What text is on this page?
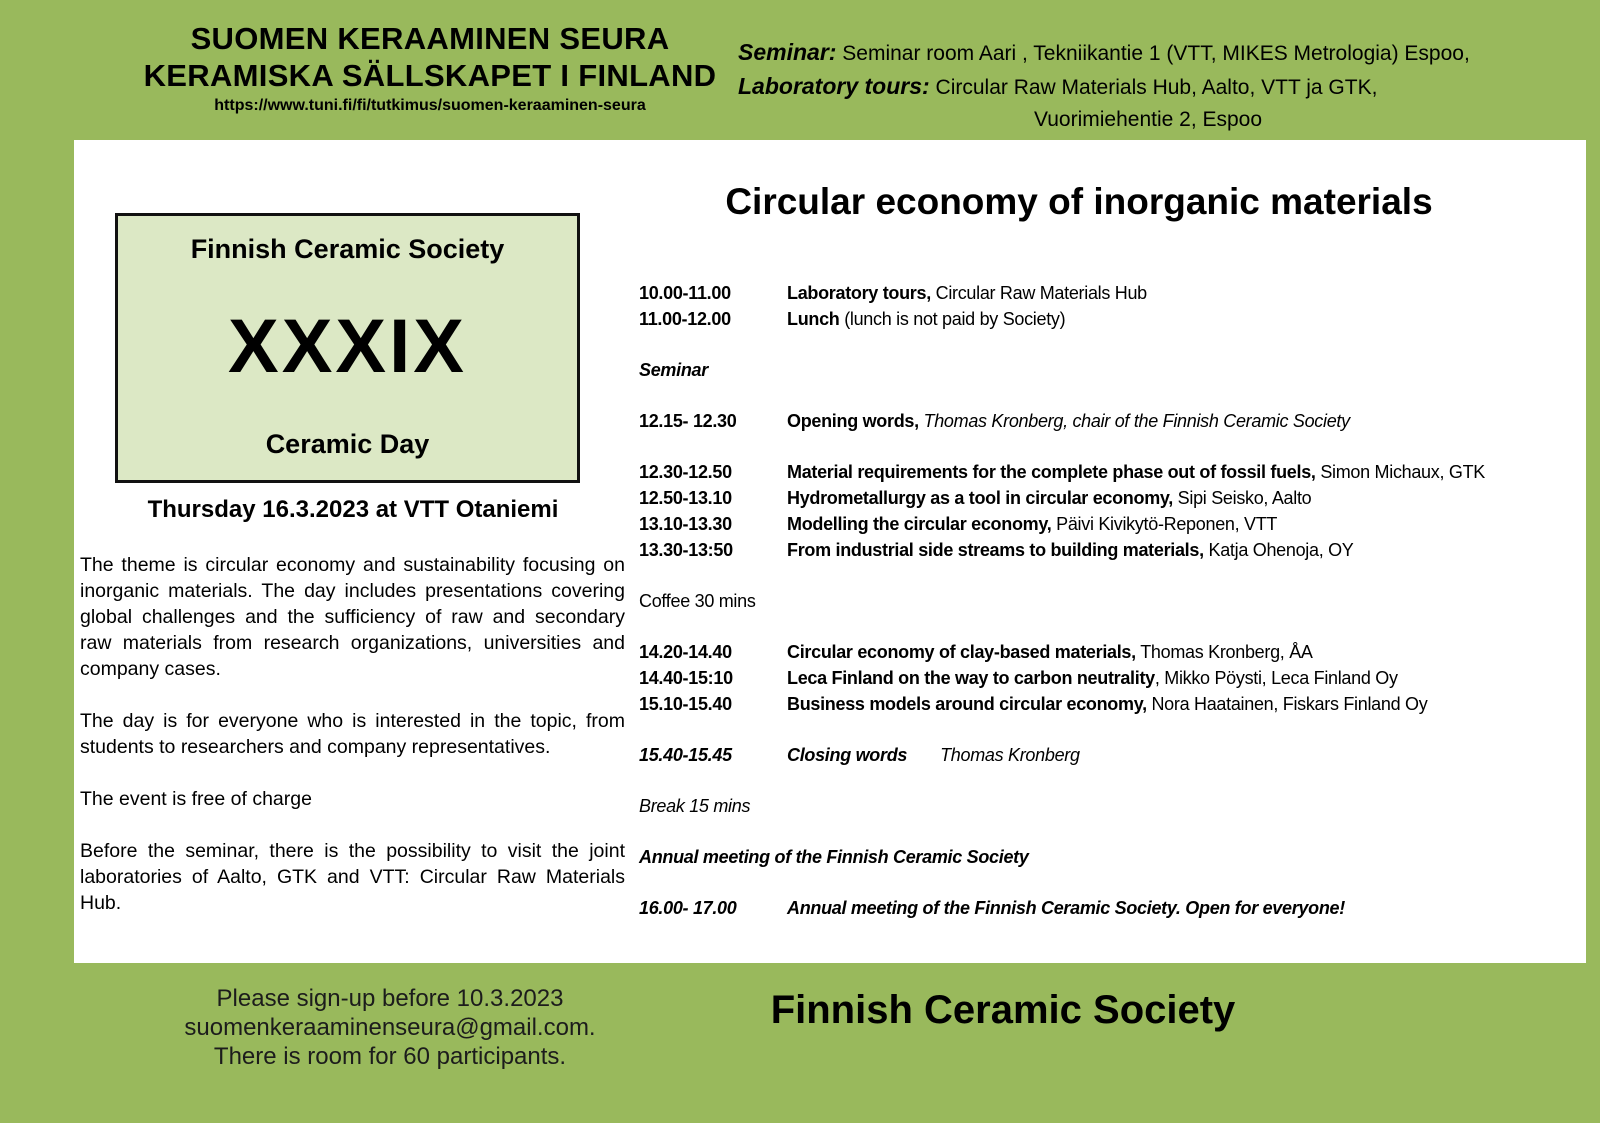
SUOMEN KERAAMINEN SEURA
KERAMISKA SÄLLSKAPET I FINLAND
https://www.tuni.fi/fi/tutkimus/suomen-keraaminen-seura
Seminar: Seminar room Aari , Tekniikantie 1 (VTT, MIKES Metrologia) Espoo,
Laboratory tours: Circular Raw Materials Hub, Aalto, VTT ja GTK,
Vuorimiehentie 2, Espoo
Finnish Ceramic Society
XXXIX
Ceramic Day
Thursday 16.3.2023 at VTT Otaniemi

The theme is circular economy and sustainability focusing on inorganic materials. The day includes presentations covering global challenges and the sufficiency of raw and secondary raw materials from research organizations, universities and company cases.

The day is for everyone who is interested in the topic, from students to researchers and company representatives.

The event is free of charge

Before the seminar, there is the possibility to visit the joint laboratories of Aalto, GTK and VTT: Circular Raw Materials Hub.

Circular economy of inorganic materials
10.00-11.00	Laboratory tours, Circular Raw Materials Hub
11.00-12.00	Lunch (lunch is not paid by Society)
Seminar
12.15- 12.30	Opening words, Thomas Kronberg, chair of the Finnish Ceramic Society
12.30-12.50	Material requirements for the complete phase out of fossil fuels, Simon Michaux, GTK
12.50-13.10	Hydrometallurgy as a tool in circular economy, Sipi Seisko, Aalto
13.10-13.30	Modelling the circular economy, Päivi Kivikytö-Reponen, VTT
13.30-13:50	From industrial side streams to building materials, Katja Ohenoja, OY
Coffee 30 mins
14.20-14.40	Circular economy of clay-based materials, Thomas Kronberg, ÅA
14.40-15:10	Leca Finland on the way to carbon neutrality, Mikko Pöysti, Leca Finland Oy
15.10-15.40	Business models around circular economy, Nora Haatainen, Fiskars Finland Oy
15.40-15.45	Closing words Thomas Kronberg
Break 15 mins
Annual meeting of the Finnish Ceramic Society
16.00- 17.00	Annual meeting of the Finnish Ceramic Society. Open for everyone!
Please sign-up before 10.3.2023
suomenkeraaminenseura@gmail.com.
There is room for 60 participants.
Finnish Ceramic Society
